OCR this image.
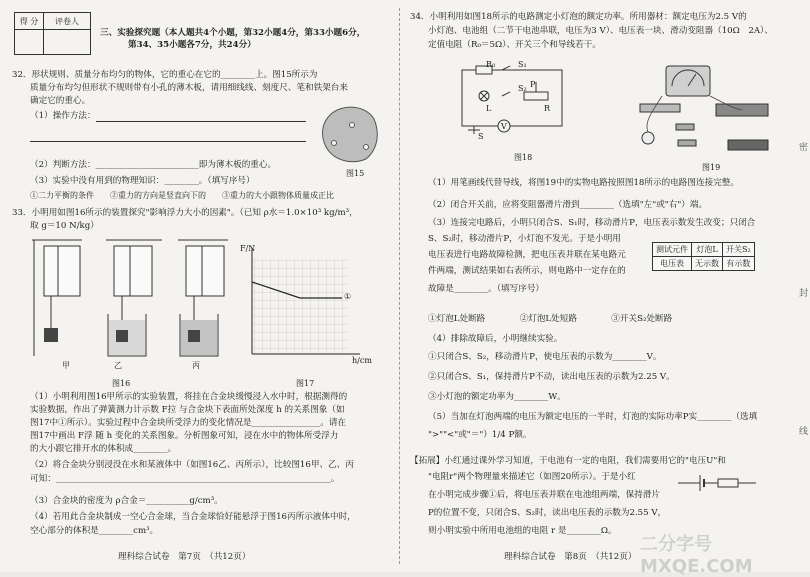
得 分	评卷人

三、实验探究题（本人题共4个小题，第32小题4分，第33小题6分，
第34、35小题各7分，共24分）
32．形状规则、质量分布均匀的物体，它的重心在它的________上。图15所示为
质量分布均匀但形状不规则带有小孔的薄木板，请用细线线、刻度尺、笔和铁架台来
确定它的重心。
（1）操作方法：
（2）判断方法：________________________即为薄木板的重心。
（3）实验中没有用到的物理知识：________。（填写序号）
①二力平衡的条件　　②重力的方向是竖直向下的　　③重力的大小跟物体质量成正比
图15
33．小明用如图16所示的装置探究"影响浮力大小的因素"。（已知 ρ水＝1.0×10³ kg/m³，
取 g＝10 N/kg）
甲	乙	丙
图16
F/N
h/cm
①
图17
（1）小明利用图16甲所示的实验装置，将挂在合金块缓慢浸入水中时，根据测得的
实验数据，作出了弹簧测力计示数 F拉 与合金块下表面所处深度 h 的关系图象（如
图17中①所示）。实验过程中合金块所受浮力的变化情况是________________。请在
图17中画出 F浮 随 h 变化的关系图象。分析图象可知，浸在水中的物体所受浮力
的大小跟它排开水的体积成________。
（2）将合金块分别浸没在水和某液体中（如图16乙、丙所示），比较图16甲、乙、丙
可知：________________________________________________________________。
（3）合金块的密度为 ρ合金＝__________g/cm³。
（4）若用此合金块制成一空心合金球，当合金球恰好能悬浮于图16丙所示液体中时，
空心部分的体积是________cm³。
理科综合试卷　第7页　（共12页）
34．小明利用如图18所示的电路测定小灯泡的额定功率。所用器材：额定电压为2.5 V的
小灯泡、电池组（二节干电池串联，电压为3 V）、电压表一块、滑动变阻器（10Ω　2A）、
定值电阻（R₀＝5Ω）、开关三个和导线若干。
R₀	S₁
S₂
L
P
R
V
S
图18
图19
（1）用笔画线代替导线，将图19中的实物电路按照图18所示的电路图连接完整。
（2）闭合开关前，应将变阻器滑片滑到________（选填"左"或"右"）端。
（3）连接完电路后，小明只闭合S、S₁时，移动滑片P，电压表示数发生改变；只闭合
S、S₂时，移动滑片P，小灯泡不发光。于是小明用
电压表进行电路故障检测，把电压表并联在某电路元
件两端，测试结果如右表所示，则电路中一定存在的
故障是________。（填写序号）
测试元件	灯泡L	开关S₂
电压表	无示数	有示数
①灯泡L处断路　　　　②灯泡L处短路　　　　③开关S₂处断路
（4）排除故障后，小明继续实验。
①只闭合S、S₂，移动滑片P，使电压表的示数为________V。
②只闭合S、S₁，保持滑片P不动，读出电压表的示数为2.25 V。
③小灯泡的额定功率为________W。
（5）当加在灯泡两端的电压为额定电压的一半时，灯泡的实际功率P实________（选填
">""<"或"＝"）1/4 P额。
【拓展】小红通过课外学习知道，干电池有一定的电阻，我们需要用它的"电压U"和
"电阻r"两个物理量来描述它（如图20所示）。于是小红
在小明完成步骤①后，将电压表并联在电池组两端，保持滑片
P的位置不变，只闭合S、S₂时，读出电压表的示数为2.55 V，
则小明实验中所用电池组的电阻 r 是________Ω。
理科综合试卷　第8页　（共12页）
二分字号 MXQE.COM
密
封
线
